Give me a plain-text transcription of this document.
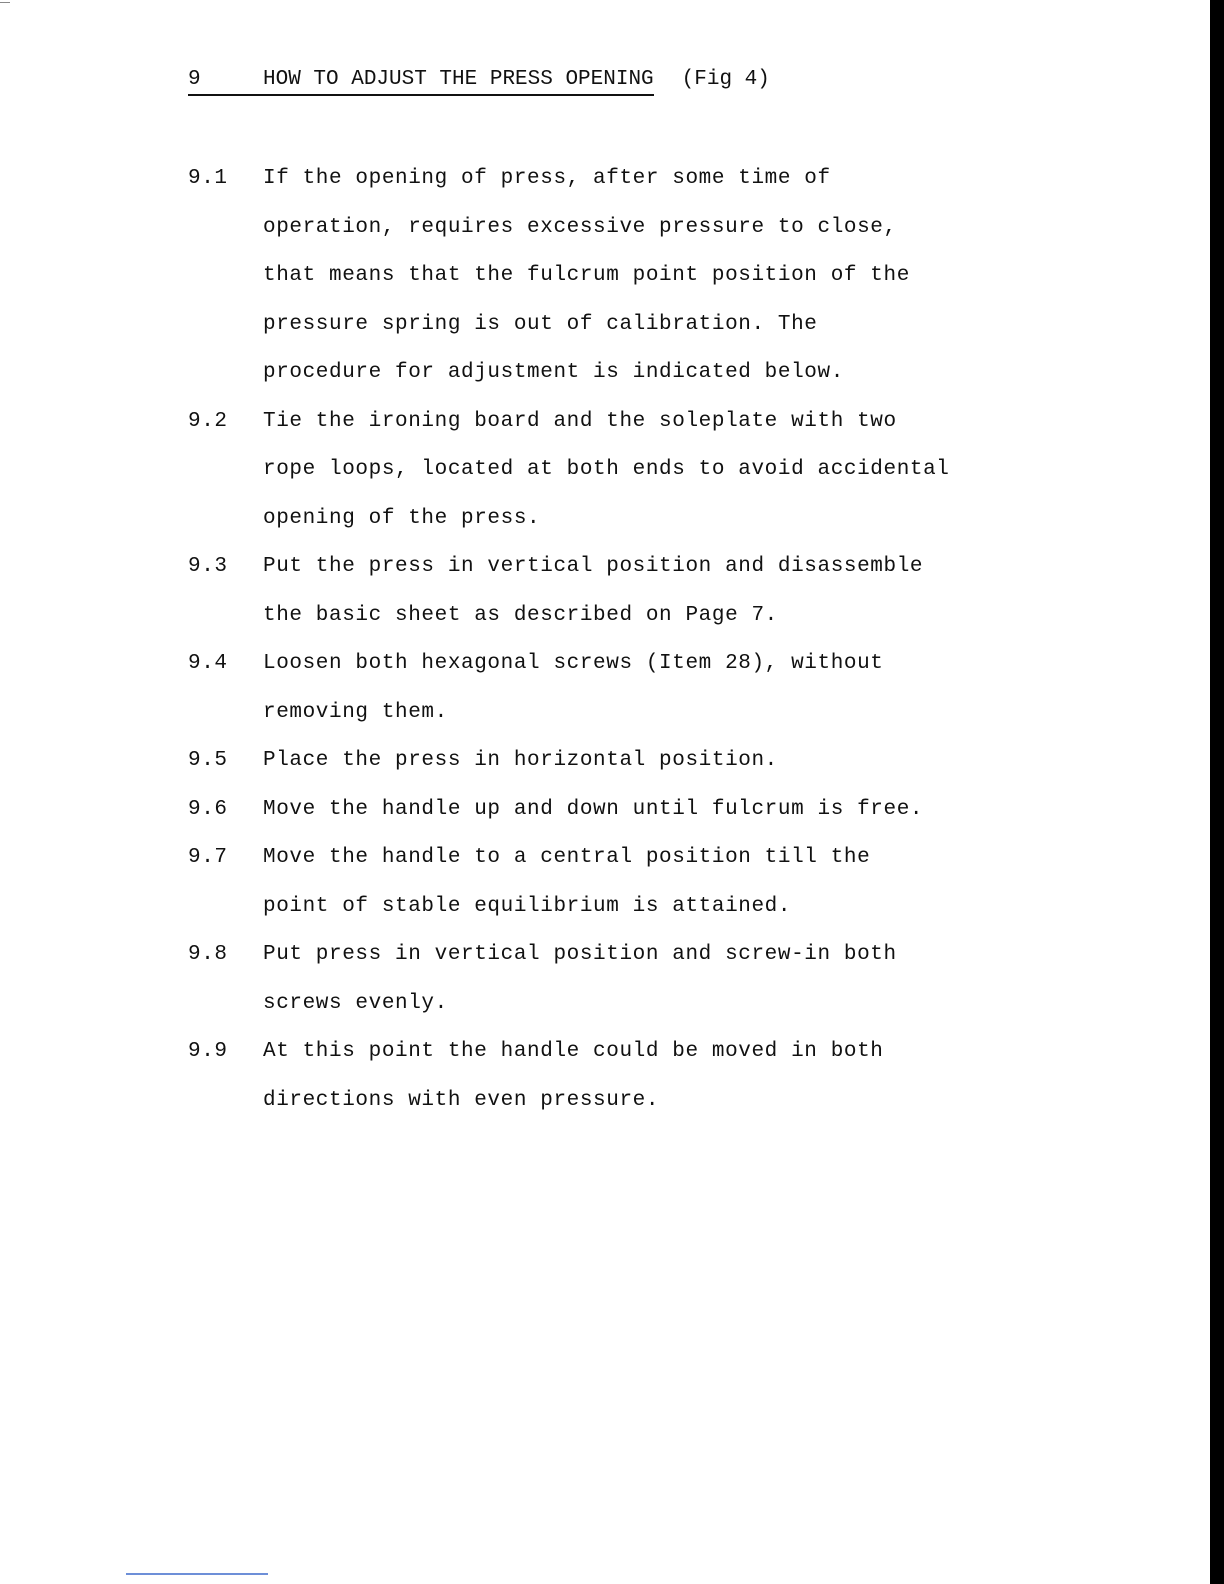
9	HOW TO ADJUST THE PRESS OPENING (Fig 4)
9.1	If the opening of press, after some time of
operation, requires excessive pressure to close,
that means that the fulcrum point position of the
pressure spring is out of calibration. The
procedure for adjustment is indicated below.
9.2	Tie the ironing board and the soleplate with two
rope loops, located at both ends to avoid accidental
opening of the press.
9.3	Put the press in vertical position and disassemble
the basic sheet as described on Page 7.
9.4	Loosen both hexagonal screws (Item 28), without
removing them.
9.5	Place the press in horizontal position.
9.6	Move the handle up and down until fulcrum is free.
9.7	Move the handle to a central position till the
point of stable equilibrium is attained.
9.8	Put press in vertical position and screw-in both
screws evenly.
9.9	At this point the handle could be moved in both
directions with even pressure.
